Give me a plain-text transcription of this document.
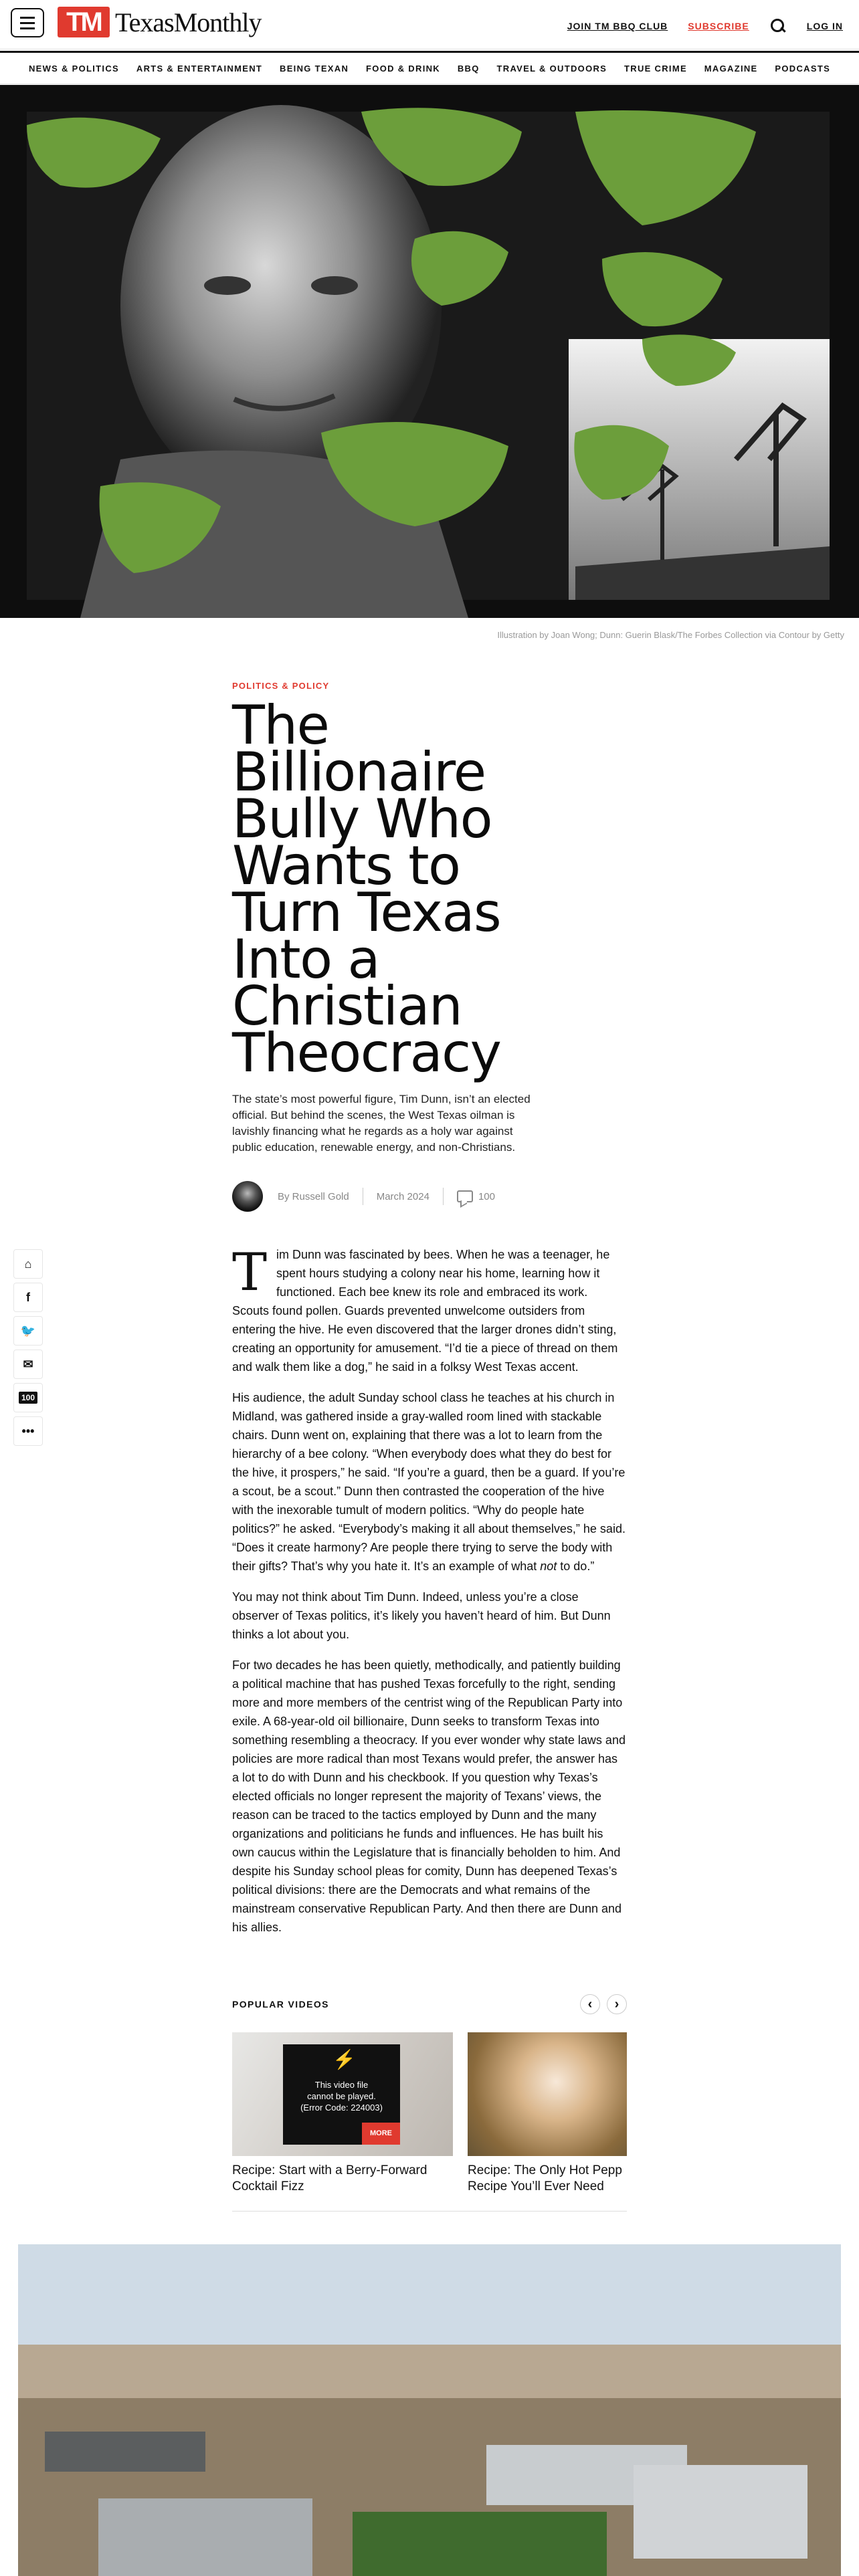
TM TexasMonthly	JOIN TM BBQ CLUB SUBSCRIBE	LOG IN
NEWS & POLITICS ARTS & ENTERTAINMENT BEING TEXAN FOOD & DRINK BBQ TRAVEL & OUTDOORS TRUE CRIME MAGAZINE PODCASTS
Illustration by Joan Wong; Dunn: Guerin Blask/The Forbes Collection via Contour by Getty
⌂
f
🐦
✉
100
•••
POLITICS & POLICY
The Billionaire Bully Who Wants to Turn Texas Into a Christian Theocracy
The state’s most powerful figure, Tim Dunn, isn’t an elected official. But behind the scenes, the West Texas oilman is lavishly financing what he regards as a holy war against public education, renewable energy, and non-Christians.
By Russell Gold	March 2024	100

Tim Dunn was fascinated by bees. When he was a teenager, he spent hours studying a colony near his home, learning how it functioned. Each bee knew its role and embraced its work. Scouts found pollen. Guards prevented unwelcome outsiders from entering the hive. He even discovered that the larger drones didn’t sting, creating an opportunity for amusement. “I’d tie a piece of thread on them and walk them like a dog,” he said in a folksy West Texas accent.

His audience, the adult Sunday school class he teaches at his church in Midland, was gathered inside a gray-walled room lined with stackable chairs. Dunn went on, explaining that there was a lot to learn from the hierarchy of a bee colony. “When everybody does what they do best for the hive, it prospers,” he said. “If you’re a guard, then be a guard. If you’re a scout, be a scout.” Dunn then contrasted the cooperation of the hive with the inexorable tumult of modern politics. “Why do people hate politics?” he asked. “Everybody’s making it all about themselves,” he said. “Does it create harmony? Are people there trying to serve the body with their gifts? That’s why you hate it. It’s an example of what not to do.”

You may not think about Tim Dunn. Indeed, unless you’re a close observer of Texas politics, it’s likely you haven’t heard of him. But Dunn thinks a lot about you.

For two decades he has been quietly, methodically, and patiently building a political machine that has pushed Texas forcefully to the right, sending more and more members of the centrist wing of the Republican Party into exile. A 68-year-old oil billionaire, Dunn seeks to transform Texas into something resembling a theocracy. If you ever wonder why state laws and policies are more radical than most Texans would prefer, the answer has a lot to do with Dunn and his checkbook. If you question why Texas’s elected officials no longer represent the majority of Texans’ views, the reason can be traced to the tactics employed by Dunn and the many organizations and politicians he funds and influences. He has built his own caucus within the Legislature that is financially beholden to him. And despite his Sunday school pleas for comity, Dunn has deepened Texas’s political divisions: there are the Democrats and what remains of the mainstream conservative Republican Party. And then there are Dunn and his allies.

POPULAR VIDEOS	‹	›
⚡
This video file
cannot be played.
(Error Code: 224003)
MORE
Recipe: Start with a Berry-Forward
Cocktail Fizz
Recipe: The Only Hot Pepp
Recipe You’ll Ever Need
